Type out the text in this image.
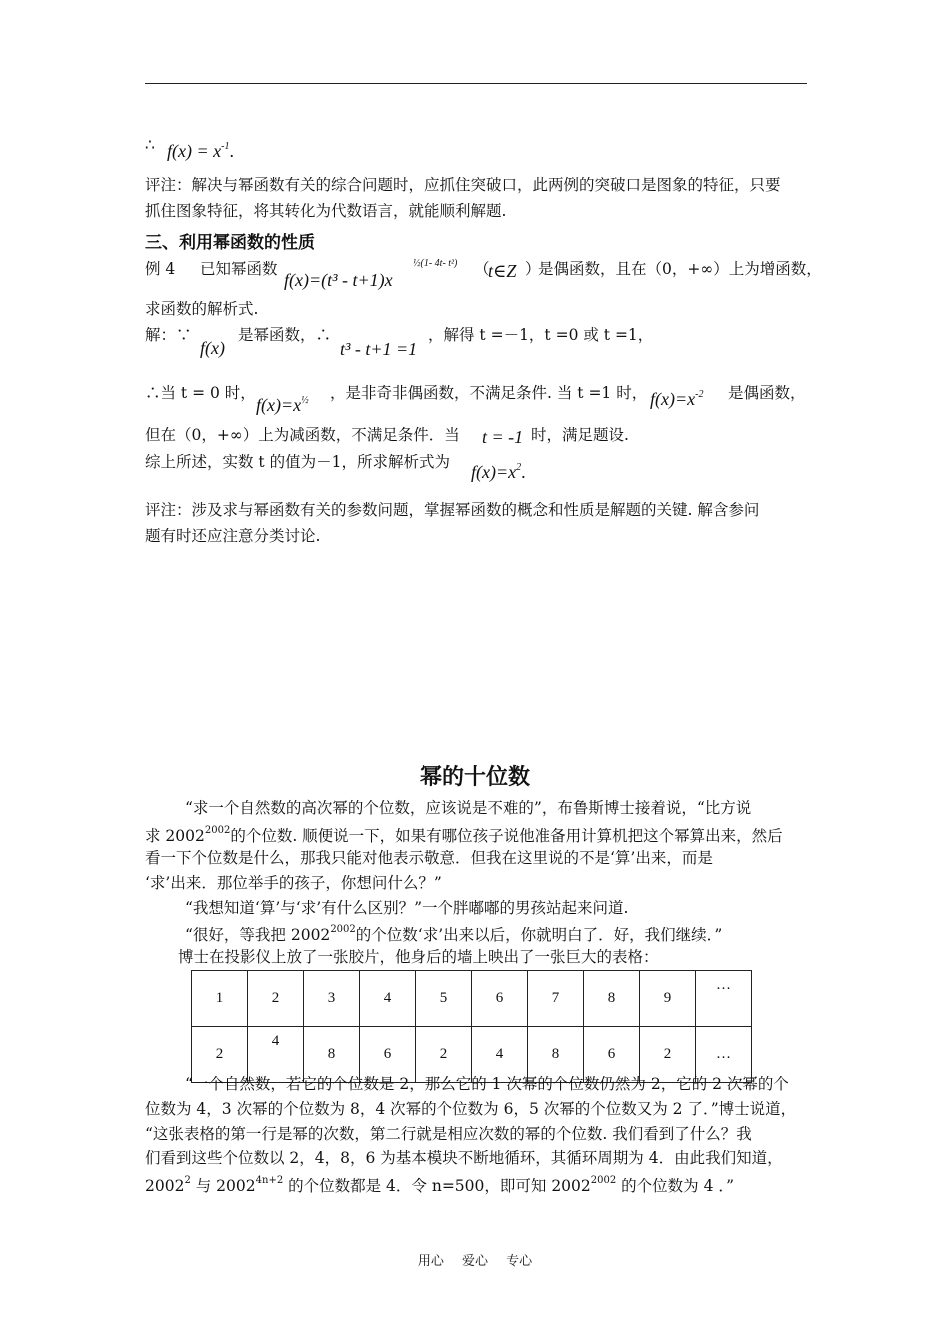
∴ $f(x) = x^{-1}$.
评注：解决与幂函数有关的综合问题时，应抓住突破口，此两例的突破口是图象的特征，只要
抓住图象特征，将其转化为代数语言，就能顺利解题.
三、利用幂函数的性质
例 4 已知幂函数
f(x)=(t³ - t+1)x
½(1- 4t- t²) （
t∈Z ）
是偶函数，且在（0，+∞）上为增函数，
求函数的解析式.
解：∵
f(x)
是幂函数，∴
t³ - t+1 =1
，解得 t =－1，t =0 或 t =1，
∴当 t = 0 时，
$f(x)=x^{\frac{1}{2}}$ ，是非奇非偶函数，不满足条件. 当 t =1 时， $f(x)=x^{-2}$ 是偶函数，
但在（0，+∞）上为减函数，不满足条件．当 t = -1 时，满足题设.
综上所述，实数 t 的值为－1，所求解析式为 $f(x)=x^2$.
评注：涉及求与幂函数有关的参数问题，掌握幂函数的概念和性质是解题的关键. 解含参问
题有时还应注意分类讨论.
幂的十位数
“求一个自然数的高次幂的个位数，应该说是不难的”，布鲁斯博士接着说，“比方说
求 $2002^{2002}$的个位数. 顺便说一下，如果有哪位孩子说他准备用计算机把这个幂算出来，然后
看一下个位数是什么，那我只能对他表示敬意．但我在这里说的不是‘算’出来，而是
‘求’出来．那位举手的孩子，你想问什么？”
“我想知道‘算’与‘求’有什么区别？”一个胖嘟嘟的男孩站起来问道.
“很好，等我把 $2002^{2002}$的个位数‘求’出来以后，你就明白了．好，我们继续．”
博士在投影仪上放了一张胶片，他身后的墙上映出了一张巨大的表格：
1	2	3	4	5	6	7	8	9	…
2	4	8	6	2	4	8	6	2	…
“一个自然数，若它的个位数是 2，那么它的 1 次幂的个位数仍然为 2，它的 2 次幂的个
位数为 4，3 次幂的个位数为 8，4 次幂的个位数为 6，5 次幂的个位数又为 2 了．”博士说道，
“这张表格的第一行是幂的次数，第二行就是相应次数的幂的个位数. 我们看到了什么？我
们看到这些个位数以 2，4，8，6 为基本模块不断地循环，其循环周期为 4．由此我们知道，
2002$^2$ 与 $2002^{4n+2}$ 的个位数都是 4．令 n=500，即可知 $2002^{2002}$ 的个位数为 4 ．”
用心 爱心 专心
